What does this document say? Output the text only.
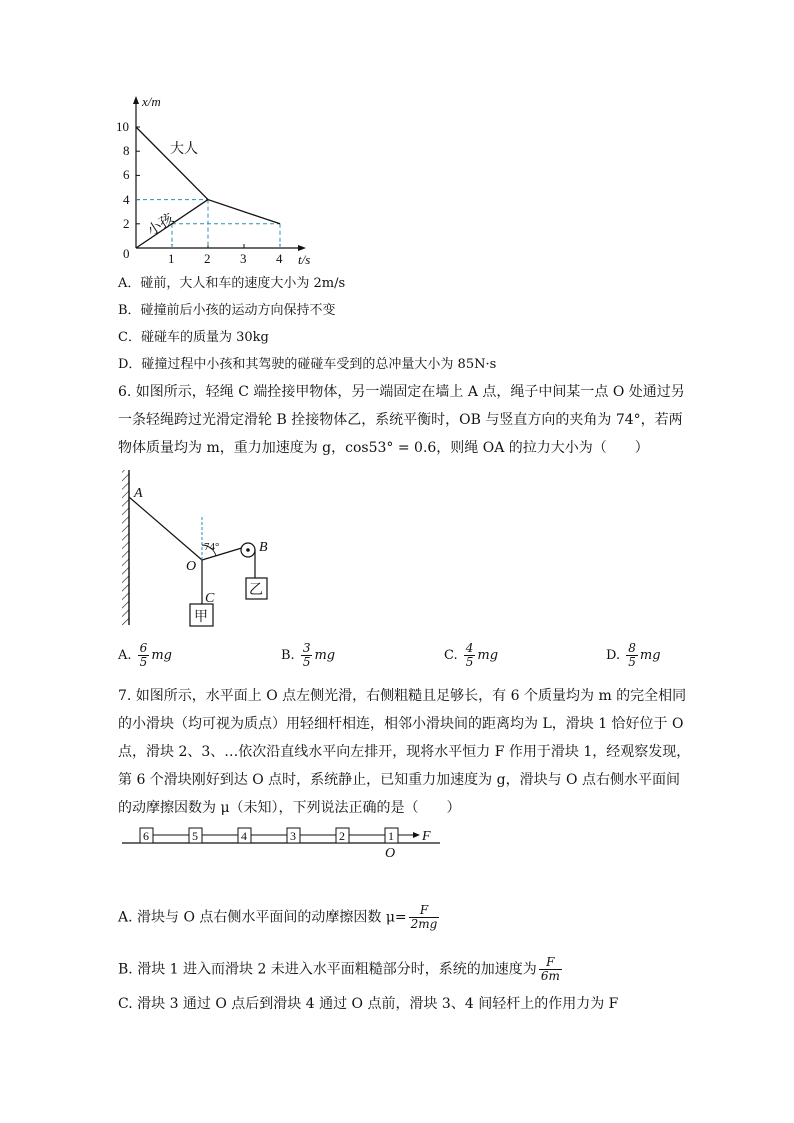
x/m
t/s
10
8
6
4
2
0	1 2 3 4
大人
小孩
A．碰前，大人和车的速度大小为 2m/s
B．碰撞前后小孩的运动方向保持不变
C．碰碰车的质量为 30kg
D．碰撞过程中小孩和其驾驶的碰碰车受到的总冲量大小为 85N·s
6. 如图所示，轻绳 C 端拴接甲物体，另一端固定在墙上 A 点，绳子中间某一点 O 处通过另
一条轻绳跨过光滑定滑轮 B 拴接物体乙，系统平衡时，OB 与竖直方向的夹角为 74°，若两
物体质量均为 m，重力加速度为 g，cos53° = 0.6，则绳 OA 的拉力大小为（　　）
A
O
B
C
74°
甲
乙
A. $\frac{6}{5}$ mg	B. $\frac{3}{5}$ mg	C. $\frac{4}{5}$ mg	D. $\frac{8}{5}$ mg
7. 如图所示，水平面上 O 点左侧光滑，右侧粗糙且足够长，有 6 个质量均为 m 的完全相同
的小滑块（均可视为质点）用轻细杆相连，相邻小滑块间的距离均为 L，滑块 1 恰好位于 O
点，滑块 2、3、…依次沿直线水平向左排开，现将水平恒力 F 作用于滑块 1，经观察发现，
第 6 个滑块刚好到达 O 点时，系统静止，已知重力加速度为 g，滑块与 O 点右侧水平面间
的动摩擦因数为 μ（未知），下列说法正确的是（　　）
6	5	4	3	2	1 F
O
A. 滑块与 O 点右侧水平面间的动摩擦因数 $\mu= \frac{F}{2mg}$
B. 滑块 1 进入而滑块 2 未进入水平面粗糙部分时，系统的加速度为 $\frac{F}{6m}$
C. 滑块 3 通过 O 点后到滑块 4 通过 O 点前，滑块 3、4 间轻杆上的作用力为 F
